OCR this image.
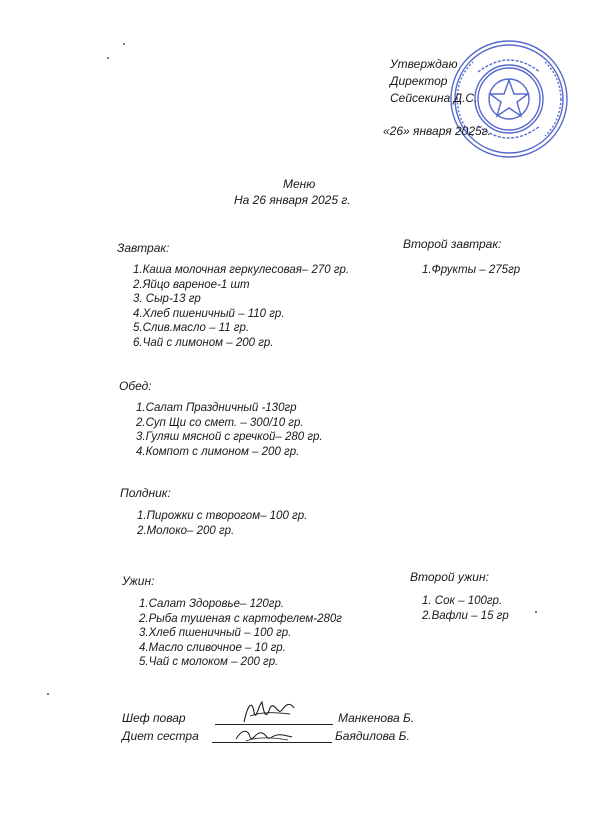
Утверждаю
Директор
Сейсекина Д.С.
«26» января 2025г.
Меню
На 26 января 2025 г.
Завтрак:
1.Каша молочная геркулесовая– 270 гр.
2.Яйцо вареное-1 шт
3. Сыр-13 гр
4.Хлеб пшеничный – 110 гр.
5.Слив.масло – 11 гр.
6.Чай с лимоном – 200 гр.
Второй завтрак:
1.Фрукты – 275гр
Обед:
1.Салат Праздничный -130гр
2.Суп Щи со смет. – 300/10 гр.
3.Гуляш мясной с гречкой– 280 гр.
4.Компот с лимоном – 200 гр.
Полдник:
1.Пирожки с творогом– 100 гр.
2.Молоко– 200 гр.
Ужин:
1.Салат Здоровье– 120гр.
2.Рыба тушеная с картофелем-280г
3.Хлеб пшеничный – 100 гр.
4.Масло сливочное – 10 гр.
5.Чай с молоком – 200 гр.
Второй ужин:
1. Сок – 100гр.
2.Вафли – 15 гр
Шеф повар	Манкенова Б.
Диет сестра	Баядилова Б.
